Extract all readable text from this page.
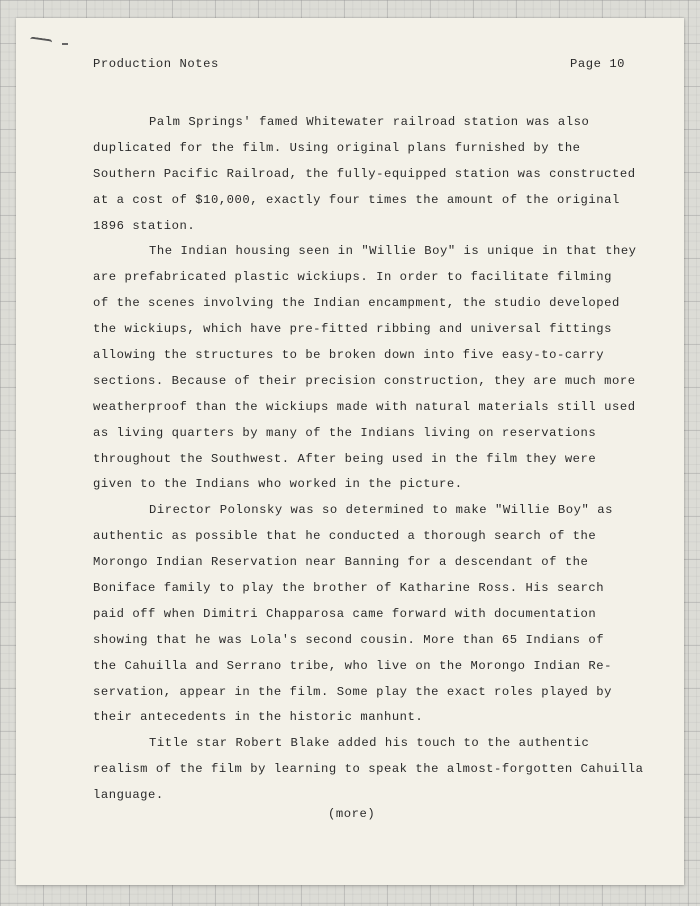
Production Notes	Page 10
Palm Springs' famed Whitewater railroad station was also
duplicated for the film. Using original plans furnished by the
Southern Pacific Railroad, the fully-equipped station was constructed
at a cost of $10,000, exactly four times the amount of the original
1896 station.
The Indian housing seen in "Willie Boy" is unique in that they
are prefabricated plastic wickiups. In order to facilitate filming
of the scenes involving the Indian encampment, the studio developed
the wickiups, which have pre-fitted ribbing and universal fittings
allowing the structures to be broken down into five easy-to-carry
sections. Because of their precision construction, they are much more
weatherproof than the wickiups made with natural materials still used
as living quarters by many of the Indians living on reservations
throughout the Southwest. After being used in the film they were
given to the Indians who worked in the picture.
Director Polonsky was so determined to make "Willie Boy" as
authentic as possible that he conducted a thorough search of the
Morongo Indian Reservation near Banning for a descendant of the
Boniface family to play the brother of Katharine Ross. His search
paid off when Dimitri Chapparosa came forward with documentation
showing that he was Lola's second cousin. More than 65 Indians of
the Cahuilla and Serrano tribe, who live on the Morongo Indian Re-
servation, appear in the film. Some play the exact roles played by
their antecedents in the historic manhunt.
Title star Robert Blake added his touch to the authentic
realism of the film by learning to speak the almost-forgotten Cahuilla
language.
(more)
